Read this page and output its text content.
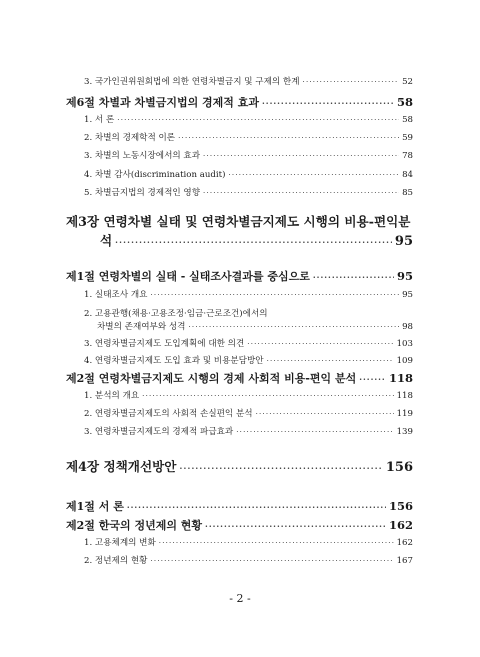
3. 국가인권위원회법에 의한 연령차별금지 및 구제의 한계 ·····	52
제6절 차별과 차별금지법의 경제적 효과 ·····	58
1. 서 론 ·····	58
2. 차별의 경제학적 이론 ·····	59
3. 차별의 노동시장에서의 효과 ·····	78
4. 차별 감사(discrimination audit) ·····	84
5. 차별금지법의 경제적인 영향 ·····	85
제3장 연령차별 실태 및 연령차별금지제도 시행의 비용-편익분
석 ·····	95
제1절 연령차별의 실태 - 실태조사결과를 중심으로 ·····	95
1. 실태조사 개요 ·····	95
2. 고용관행(채용·고용조정·임금·근로조건)에서의
차별의 존재여부와 성격 ·····	98
3. 연령차별금지제도 도입계획에 대한 의견 ·····	103
4. 연령차별금지제도 도입 효과 및 비용분담방안 ·····	109
제2절 연령차별금지제도 시행의 경제 사회적 비용-편익 분석 ·····	118
1. 분석의 개요 ·····	118
2. 연령차별금지제도의 사회적 손실편익 분석 ·····	119
3. 연령차별금지제도의 경제적 파급효과 ·····	139
제4장 정책개선방안 ·····	156
제1절 서 론 ·····	156
제2절 한국의 정년제의 현황 ·····	162
1. 고용체계의 변화 ·····	162
2. 정년제의 현황 ·····	167
- 2 -
